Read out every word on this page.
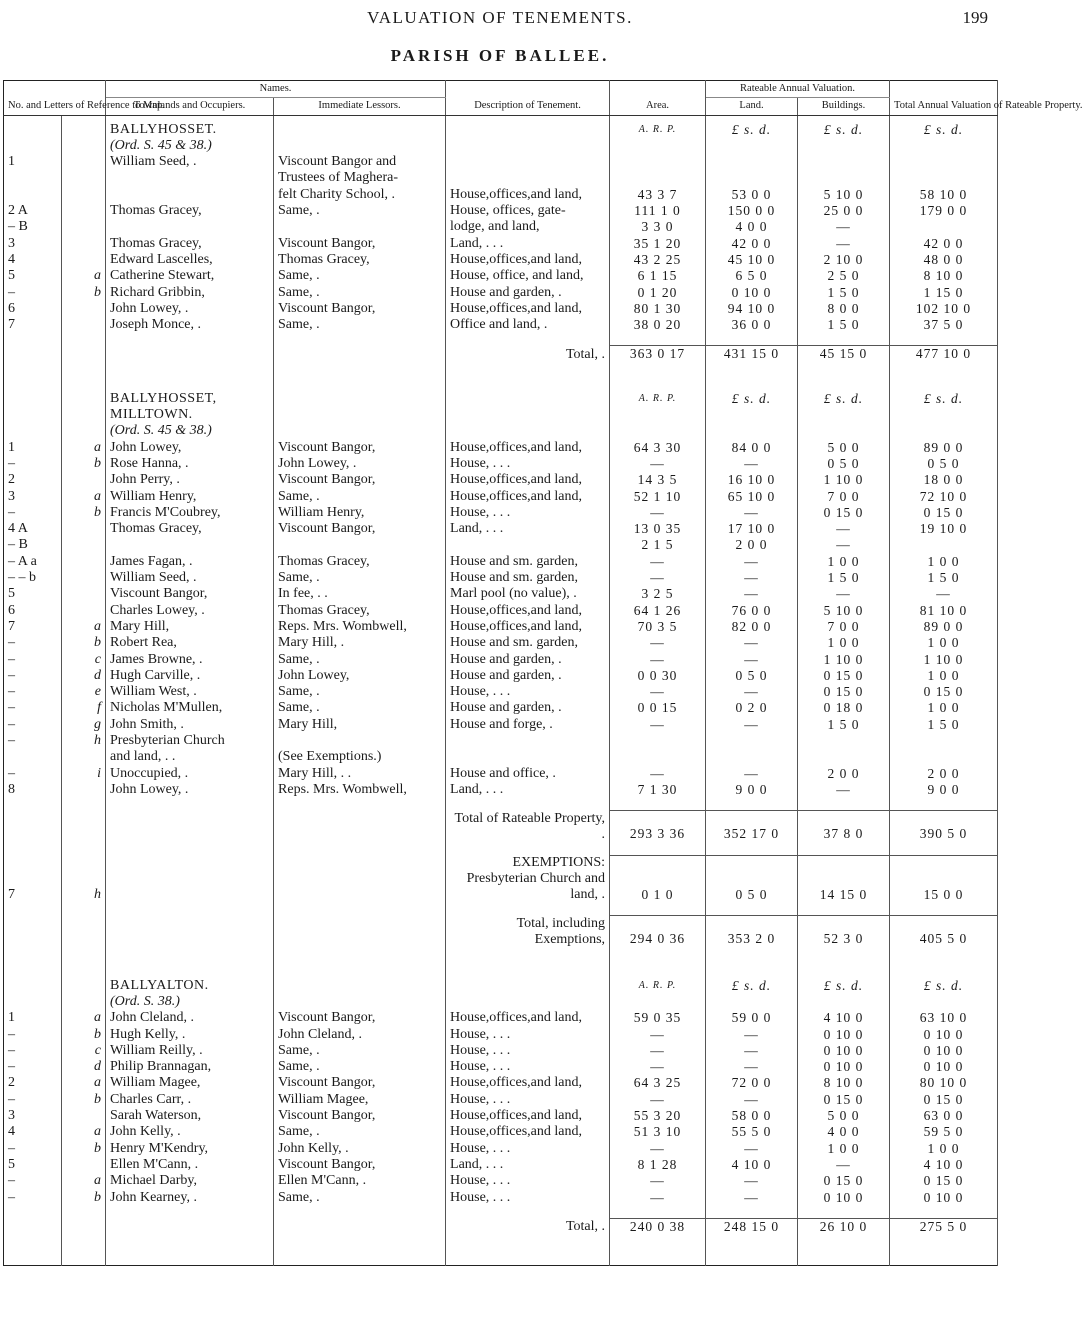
VALUATION OF TENEMENTS.	199
PARISH OF BALLEE.
No. and Letters of Reference to Map.		Names.		Description of Tenement.	Area.	Rateable Annual Valuation.		Total Annual Valuation of Rateable Property.
		Townlands and Occupiers.	Immediate Lessors.			Land.	Buildings.	

		BALLYHOSSET.			A. R. P.	£ s. d.	£ s. d.	£ s. d.
		(Ord. S. 45 & 38.)						
1		William Seed, .	Viscount Bangor and					
			Trustees of Maghera-					
			felt Charity School, .	House,offices,and land,	43 3 7	53 0 0	5 10 0	58 10 0
2 A		Thomas Gracey,	Same, .	House, offices, gate-	111 1 0	150 0 0	25 0 0	179 0 0
– B				lodge, and land,	3 3 0	4 0 0	—	
3		Thomas Gracey,	Viscount Bangor,	Land, . . .	35 1 20	42 0 0	—	42 0 0
4		Edward Lascelles,	Thomas Gracey,	House,offices,and land,	43 2 25	45 10 0	2 10 0	48 0 0
5	a	Catherine Stewart,	Same, .	House, office, and land,	6 1 15	6 5 0	2 5 0	8 10 0
–	b	Richard Gribbin,	Same, .	House and garden, .	0 1 20	0 10 0	1 5 0	1 15 0
6		John Lowey, .	Viscount Bangor,	House,offices,and land,	80 1 30	94 10 0	8 0 0	102 10 0
7		Joseph Monce, .	Same, .	Office and land, .	38 0 20	36 0 0	1 5 0	37 5 0

				Total, .	363 0 17	431 15 0	45 15 0	477 10 0

		BALLYHOSSET,			A. R. P.	£ s. d.	£ s. d.	£ s. d.
		MILLTOWN.						
		(Ord. S. 45 & 38.)						
1	a	John Lowey,	Viscount Bangor,	House,offices,and land,	64 3 30	84 0 0	5 0 0	89 0 0
–	b	Rose Hanna, .	John Lowey, .	House, . . .	—	—	0 5 0	0 5 0
2		John Perry, .	Viscount Bangor,	House,offices,and land,	14 3 5	16 10 0	1 10 0	18 0 0
3	a	William Henry,	Same, .	House,offices,and land,	52 1 10	65 10 0	7 0 0	72 10 0
–	b	Francis M'Coubrey,	William Henry,	House, . . .	—	—	0 15 0	0 15 0
4 A		Thomas Gracey,	Viscount Bangor,	Land, . . .	13 0 35	17 10 0	—	19 10 0
– B					2 1 5	2 0 0	—	
– A a		James Fagan, .	Thomas Gracey,	House and sm. garden,	—	—	1 0 0	1 0 0
– – b		William Seed, .	Same, .	House and sm. garden,	—	—	1 5 0	1 5 0
5		Viscount Bangor,	In fee, . .	Marl pool (no value), .	3 2 5	—	—	—
6		Charles Lowey, .	Thomas Gracey,	House,offices,and land,	64 1 26	76 0 0	5 10 0	81 10 0
7	a	Mary Hill,	Reps. Mrs. Wombwell,	House,offices,and land,	70 3 5	82 0 0	7 0 0	89 0 0
–	b	Robert Rea,	Mary Hill, .	House and sm. garden,	—	—	1 0 0	1 0 0
–	c	James Browne, .	Same, .	House and garden, .	—	—	1 10 0	1 10 0
–	d	Hugh Carville, .	John Lowey,	House and garden, .	0 0 30	0 5 0	0 15 0	1 0 0
–	e	William West, .	Same, .	House, . . .	—	—	0 15 0	0 15 0
–	f	Nicholas M'Mullen,	Same, .	House and garden, .	0 0 15	0 2 0	0 18 0	1 0 0
–	g	John Smith, .	Mary Hill,	House and forge, .	—	—	1 5 0	1 5 0
–	h	Presbyterian Church						
		and land, . .	(See Exemptions.)					
–	i	Unoccupied, .	Mary Hill, . .	House and office, .	—	—	2 0 0	2 0 0
8		John Lowey, .	Reps. Mrs. Wombwell,	Land, . . .	7 1 30	9 0 0	—	9 0 0

				Total of Rateable Property, .	293 3 36	352 17 0	37 8 0	390 5 0

7	h			EXEMPTIONS: Presbyterian Church and land, .	0 1 0	0 5 0	14 15 0	15 0 0

				Total, including Exemptions,	294 0 36	353 2 0	52 3 0	405 5 0

		BALLYALTON.			A. R. P.	£ s. d.	£ s. d.	£ s. d.
		(Ord. S. 38.)						
1	a	John Cleland, .	Viscount Bangor,	House,offices,and land,	59 0 35	59 0 0	4 10 0	63 10 0
–	b	Hugh Kelly, .	John Cleland, .	House, . . .	—	—	0 10 0	0 10 0
–	c	William Reilly, .	Same, .	House, . . .	—	—	0 10 0	0 10 0
–	d	Philip Brannagan,	Same, .	House, . . .	—	—	0 10 0	0 10 0
2	a	William Magee,	Viscount Bangor,	House,offices,and land,	64 3 25	72 0 0	8 10 0	80 10 0
–	b	Charles Carr, .	William Magee,	House, . . .	—	—	0 15 0	0 15 0
3		Sarah Waterson,	Viscount Bangor,	House,offices,and land,	55 3 20	58 0 0	5 0 0	63 0 0
4	a	John Kelly, .	Same, .	House,offices,and land,	51 3 10	55 5 0	4 0 0	59 5 0
–	b	Henry M'Kendry,	John Kelly, .	House, . . .	—	—	1 0 0	1 0 0
5		Ellen M'Cann, .	Viscount Bangor,	Land, . . .	8 1 28	4 10 0	—	4 10 0
–	a	Michael Darby,	Ellen M'Cann, .	House, . . .	—	—	0 15 0	0 15 0
–	b	John Kearney, .	Same, .	House, . . .	—	—	0 10 0	0 10 0

				Total, .	240 0 38	248 15 0	26 10 0	275 5 0
